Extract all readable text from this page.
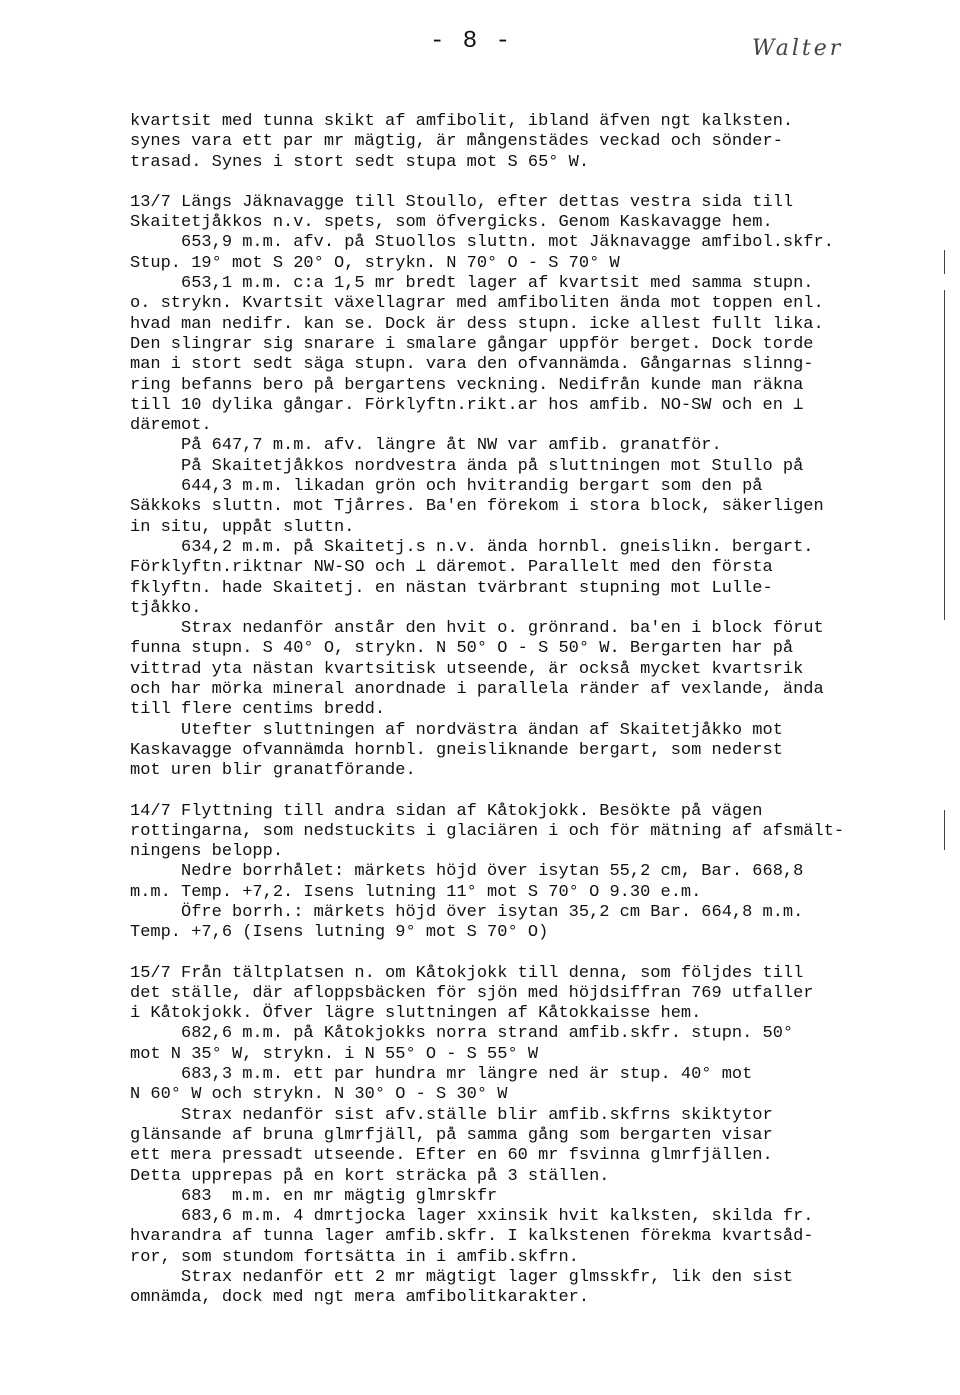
- 8 -	Walter
kvartsit med tunna skikt af amfibolit, ibland äfven ngt kalksten.
synes vara ett par mr mägtig, är mångenstädes veckad och sönder-
trasad. Synes i stort sedt stupa mot S 65° W.
13/7 Längs Jäknavagge till Stoullo, efter dettas vestra sida till
Skaitetjåkkos n.v. spets, som öfvergicks. Genom Kaskavagge hem.
653,9 m.m. afv. på Stuollos sluttn. mot Jäknavagge amfibol.skfr.
Stup. 19° mot S 20° O, strykn. N 70° O - S 70° W
653,1 m.m. c:a 1,5 mr bredt lager af kvartsit med samma stupn.
o. strykn. Kvartsit växellagrar med amfiboliten ända mot toppen enl.
hvad man nedifr. kan se. Dock är dess stupn. icke allest fullt lika.
Den slingrar sig snarare i smalare gångar uppför berget. Dock torde
man i stort sedt säga stupn. vara den ofvannämda. Gångarnas slinng-
ring befanns bero på bergartens veckning. Nedifrån kunde man räkna
till 10 dylika gångar. Förklyftn.rikt.ar hos amfib. NO-SW och en ⊥
däremot.
På 647,7 m.m. afv. längre åt NW var amfib. granatför.
På Skaitetjåkkos nordvestra ända på sluttningen mot Stullo på
644,3 m.m. likadan grön och hvitrandig bergart som den på
Säkkoks sluttn. mot Tjårres. Ba'en förekom i stora block, säkerligen
in situ, uppåt sluttn.
634,2 m.m. på Skaitetj.s n.v. ända hornbl. gneislikn. bergart.
Förklyftn.riktnar NW-SO och ⊥ däremot. Parallelt med den första
fklyftn. hade Skaitetj. en nästan tvärbrant stupning mot Lulle-
tjåkko.
Strax nedanför anstår den hvit o. grönrand. ba'en i block förut
funna stupn. S 40° O, strykn. N 50° O - S 50° W. Bergarten har på
vittrad yta nästan kvartsitisk utseende, är också mycket kvartsrik
och har mörka mineral anordnade i parallela ränder af vexlande, ända
till flere centims bredd.
Utefter sluttningen af nordvästra ändan af Skaitetjåkko mot
Kaskavagge ofvannämda hornbl. gneisliknande bergart, som nederst
mot uren blir granatförande.
14/7 Flyttning till andra sidan af Kåtokjokk. Besökte på vägen
rottingarna, som nedstuckits i glaciären i och för mätning af afsmält-
ningens belopp.
Nedre borrhålet: märkets höjd över isytan 55,2 cm, Bar. 668,8
m.m. Temp. +7,2. Isens lutning 11° mot S 70° O 9.30 e.m.
Öfre borrh.: märkets höjd över isytan 35,2 cm Bar. 664,8 m.m.
Temp. +7,6 (Isens lutning 9° mot S 70° O)
15/7 Från tältplatsen n. om Kåtokjokk till denna, som följdes till
det ställe, där afloppsbäcken för sjön med höjdsiffran 769 utfaller
i Kåtokjokk. Öfver lägre sluttningen af Kåtokkaisse hem.
682,6 m.m. på Kåtokjokks norra strand amfib.skfr. stupn. 50°
mot N 35° W, strykn. i N 55° O - S 55° W
683,3 m.m. ett par hundra mr längre ned är stup. 40° mot
N 60° W och strykn. N 30° O - S 30° W
Strax nedanför sist afv.ställe blir amfib.skfrns skiktytor
glänsande af bruna glmrfjäll, på samma gång som bergarten visar
ett mera pressadt utseende. Efter en 60 mr fsvinna glmrfjällen.
Detta upprepas på en kort sträcka på 3 ställen.
683  m.m. en mr mägtig glmrskfr
683,6 m.m. 4 dmrtjocka lager xxinsik hvit kalksten, skilda fr.
hvarandra af tunna lager amfib.skfr. I kalkstenen förekma kvartsåd-
ror, som stundom fortsätta in i amfib.skfrn.
Strax nedanför ett 2 mr mägtigt lager glmsskfr, lik den sist
omnämda, dock med ngt mera amfibolitkarakter.
